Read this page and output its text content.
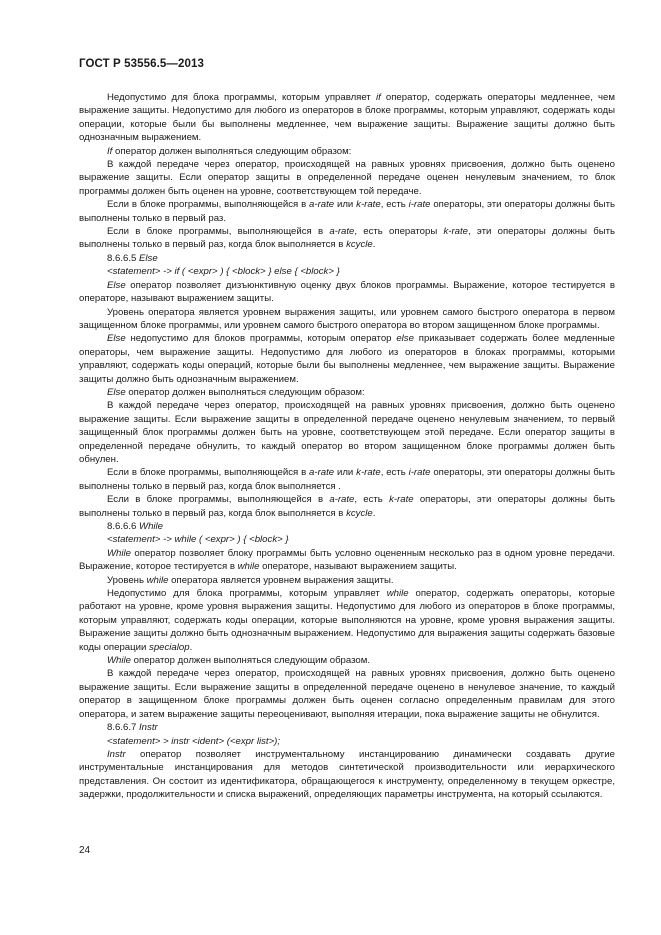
ГОСТ Р 53556.5—2013

Недопустимо для блока программы, которым управляет if оператор, содержать операторы медленнее, чем выражение защиты. Недопустимо для любого из операторов в блоке программы, которым управляют, содержать коды операции, которые были бы выполнены медленнее, чем выражение защиты. Выражение защиты должно быть однозначным выражением.

If оператор должен выполняться следующим образом:

В каждой передаче через оператор, происходящей на равных уровнях присвоения, должно быть оценено выражение защиты. Если оператор защиты в определенной передаче оценен ненулевым значением, то блок программы должен быть оценен на уровне, соответствующем той передаче.

Если в блоке программы, выполняющейся в a-rate или k-rate, есть i-rate операторы, эти операторы должны быть выполнены только в первый раз.

Если в блоке программы, выполняющейся в a-rate, есть операторы k-rate, эти операторы должны быть выполнены только в первый раз, когда блок выполняется в kcycle.

8.6.6.5 Else

<statement> -> if ( <expr> ) { <block> } else { <block> }

Else оператор позволяет дизъюнктивную оценку двух блоков программы. Выражение, которое тестируется в операторе, называют выражением защиты.

Уровень оператора является уровнем выражения защиты, или уровнем самого быстрого оператора в первом защищенном блоке программы, или уровнем самого быстрого оператора во втором защищенном блоке программы.

Else недопустимо для блоков программы, которым оператор else приказывает содержать более медленные операторы, чем выражение защиты. Недопустимо для любого из операторов в блоках программы, которыми управляют, содержать коды операций, которые были бы выполнены медленнее, чем выражение защиты. Выражение защиты должно быть однозначным выражением.

Else оператор должен выполняться следующим образом:

В каждой передаче через оператор, происходящей на равных уровнях присвоения, должно быть оценено выражение защиты. Если выражение защиты в определенной передаче оценено ненулевым значением, то первый защищенный блок программы должен быть на уровне, соответствующем этой передаче. Если оператор защиты в определенной передаче обнулить, то каждый оператор во втором защищенном блоке программы должен быть обнулен.

Если в блоке программы, выполняющейся в a-rate или k-rate, есть i-rate операторы, эти операторы должны быть выполнены только в первый раз, когда блок выполняется .

Если в блоке программы, выполняющейся в a-rate, есть k-rate операторы, эти операторы должны быть выполнены только в первый раз, когда блок выполняется в kcycle.

8.6.6.6 While

<statement> -> while ( <expr> ) { <block> }

While оператор позволяет блоку программы быть условно оцененным несколько раз в одном уровне передачи. Выражение, которое тестируется в while операторе, называют выражением защиты.

Уровень while оператора является уровнем выражения защиты.

Недопустимо для блока программы, которым управляет while оператор, содержать операторы, которые работают на уровне, кроме уровня выражения защиты. Недопустимо для любого из операторов в блоке программы, которым управляют, содержать коды операции, которые выполняются на уровне, кроме уровня выражения защиты. Выражение защиты должно быть однозначным выражением. Недопустимо для выражения защиты содержать базовые коды операции specialop.

While оператор должен выполняться следующим образом.

В каждой передаче через оператор, происходящей на равных уровнях присвоения, должно быть оценено выражение защиты. Если выражение защиты в определенной передаче оценено в ненулевое значение, то каждый оператор в защищенном блоке программы должен быть оценен согласно определенным правилам для этого оператора, и затем выражение защиты переоценивают, выполняя итерации, пока выражение защиты не обнулится.

8.6.6.7 Instr

<statement> > instr <ident> (<expr list>);

Instr оператор позволяет инструментальному инстанцированию динамически создавать другие инструментальные инстанцирования для методов синтетической производительности или иерархического представления. Он состоит из идентификатора, обращающегося к инструменту, определенному в текущем оркестре, задержки, продолжительности и списка выражений, определяющих параметры инструмента, на который ссылаются.

24
